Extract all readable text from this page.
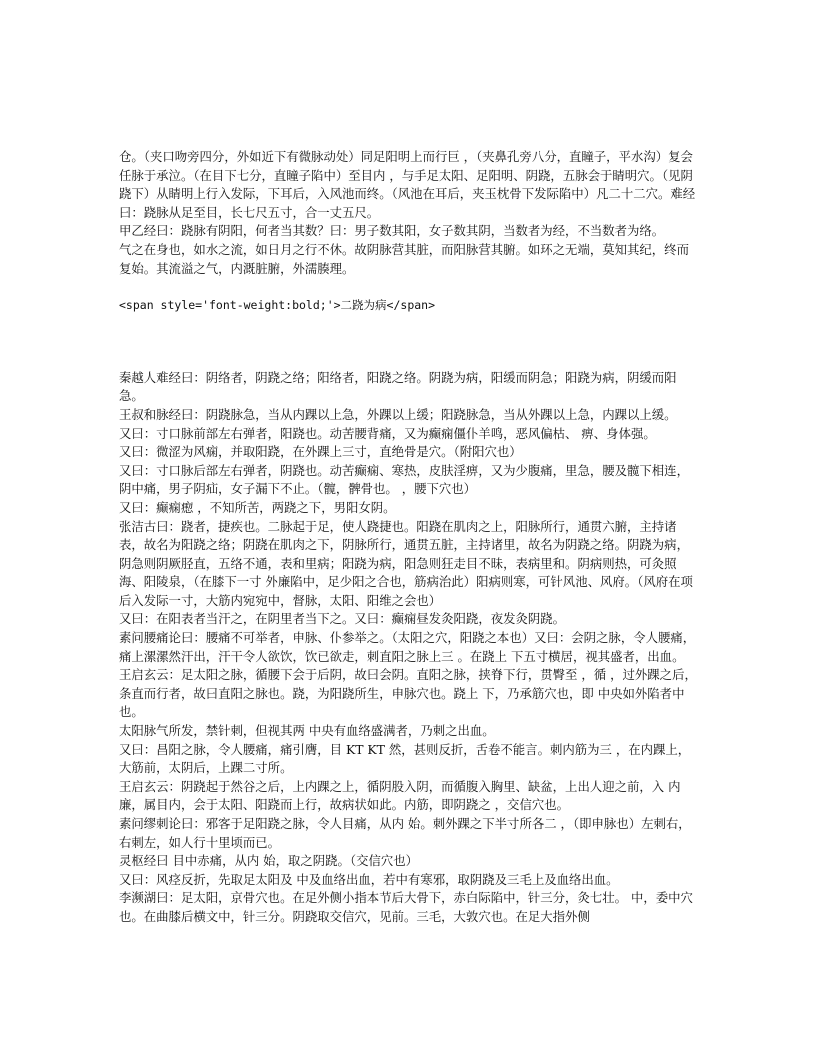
仓。（夹口吻旁四分，外如近下有微脉动处）同足阳明上而行巨 ，（夹鼻孔旁八分，直瞳子，平水沟）复会任脉于承泣。（在目下七分，直瞳子陷中）至目内 ，与手足太阳、足阳明、阴跷，五脉会于睛明穴。（见阴跷下）从睛明上行入发际，下耳后，入风池而终。（风池在耳后，夹玉枕骨下发际陷中）凡二十二穴。难经曰：跷脉从足至目，长七尺五寸，合一丈五尺。

甲乙经曰：跷脉有阴阳，何者当其数？曰：男子数其阳，女子数其阴，当数者为经，不当数者为络。

气之在身也，如水之流，如日月之行不休。故阴脉营其脏，而阳脉营其腑。如环之无端，莫知其纪，终而复始。其流溢之气，内溉脏腑，外濡腠理。

<span style='font-weight:bold;'>二跷为病</span>

秦越人难经曰：阴络者，阴跷之络；阳络者，阳跷之络。阴跷为病，阳缓而阴急；阳跷为病，阴缓而阳急。

王叔和脉经曰：阴跷脉急，当从内踝以上急，外踝以上缓；阳跷脉急，当从外踝以上急，内踝以上缓。

又曰：寸口脉前部左右弹者，阳跷也。动苦腰背痛，又为癫痫僵仆羊鸣，恶风偏枯、 痹、身体强。

又曰：微涩为风痫，并取阳跷，在外踝上三寸，直绝骨是穴。（附阳穴也）

又曰：寸口脉后部左右弹者，阴跷也。动苦癫痫、寒热，皮肤淫痹，又为少腹痛，里急，腰及髋下相连，阴中痛，男子阴疝，女子漏下不止。（髋，髀骨也。 ，腰下穴也）

又曰：癫痫瘛 ，不知所苦，两跷之下，男阳女阴。

张洁古曰：跷者，捷疾也。二脉起于足，使人跷捷也。阳跷在肌肉之上，阳脉所行，通贯六腑，主持诸表，故名为阳跷之络；阴跷在肌肉之下，阴脉所行，通贯五脏，主持诸里，故名为阴跷之络。阴跷为病，阴急则阴厥胫直，五络不通，表和里病；阳跷为病，阳急则狂走目不昧，表病里和。阴病则热，可灸照海、阳陵泉，（在膝下一寸 外廉陷中，足少阳之合也，筋病治此）阳病则寒，可针风池、风府。（风府在项后入发际一寸，大筋内宛宛中，督脉，太阳、阳维之会也）

又曰：在阳表者当汗之，在阴里者当下之。又曰：癫痫昼发灸阳跷，夜发灸阴跷。

素问腰痛论曰：腰痛不可举者，申脉、仆参举之。（太阳之穴，阳跷之本也）又曰：会阴之脉，令人腰痛，痛上漯漯然汗出，汗干令人欲饮，饮已欲走，刺直阳之脉上三 。在跷上 下五寸横居，视其盛者，出血。

王启玄云：足太阳之脉，循腰下会于后阴，故曰会阴。直阳之脉，挟脊下行，贯臀至 ，循 ，过外踝之后，条直而行者，故曰直阳之脉也。跷，为阳跷所生，申脉穴也。跷上 下，乃承筋穴也，即 中央如外陷者中也。

太阳脉气所发，禁针刺，但视其两 中央有血络盛满者，乃刺之出血。

又曰：昌阳之脉，令人腰痛，痛引膺，目 KT KT 然，甚则反折，舌卷不能言。刺内筋为三 ，在内踝上，大筋前，太阴后，上踝二寸所。

王启玄云：阴跷起于然谷之后，上内踝之上，循阴股入阴，而循腹入胸里、缺盆，上出人迎之前，入 内廉，属目内，会于太阳、阳跷而上行，故病状如此。内筋，即阴跷之 ，交信穴也。

素问缪刺论曰：邪客于足阳跷之脉，令人目痛，从内 始。刺外踝之下半寸所各二 ，（即申脉也）左刺右，右刺左，如人行十里顷而已。

灵枢经曰 目中赤痛，从内 始，取之阴跷。（交信穴也）

又曰：风痉反折，先取足太阳及 中及血络出血，若中有寒邪，取阴跷及三毛上及血络出血。

李濒湖曰：足太阳，京骨穴也。在足外侧小指本节后大骨下，赤白际陷中，针三分，灸七壮。 中，委中穴也。在曲膝后横文中，针三分。阴跷取交信穴，见前。三毛，大敦穴也。在足大指外侧
